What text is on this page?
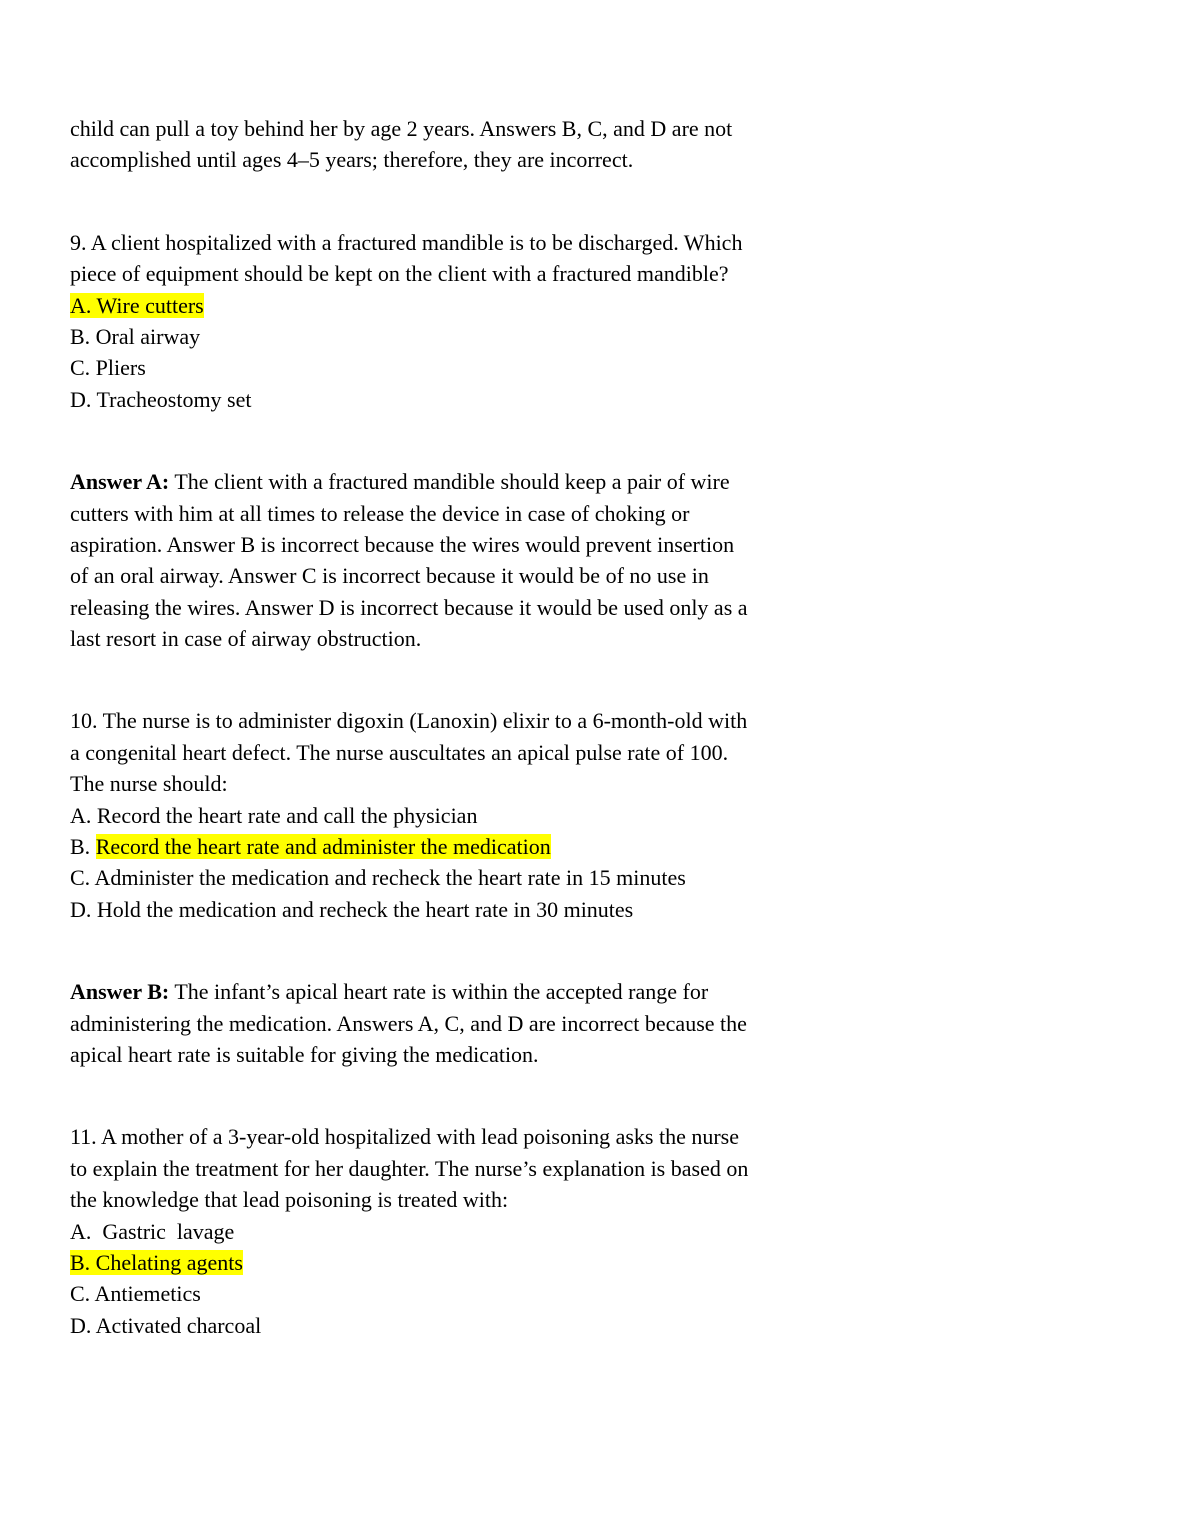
child can pull a toy behind her by age 2 years. Answers B, C, and D are not

accomplished until ages 4–5 years; therefore, they are incorrect.

9. A client hospitalized with a fractured mandible is to be discharged. Which

piece of equipment should be kept on the client with a fractured mandible?

A. Wire cutters

B. Oral airway

C. Pliers

D. Tracheostomy set

Answer A: The client with a fractured mandible should keep a pair of wire

cutters with him at all times to release the device in case of choking or

aspiration. Answer B is incorrect because the wires would prevent insertion

of an oral airway. Answer C is incorrect because it would be of no use in

releasing the wires. Answer D is incorrect because it would be used only as a

last resort in case of airway obstruction.

10. The nurse is to administer digoxin (Lanoxin) elixir to a 6-month-old with

a congenital heart defect. The nurse auscultates an apical pulse rate of 100.

The nurse should:

A. Record the heart rate and call the physician

B. Record the heart rate and administer the medication

C. Administer the medication and recheck the heart rate in 15 minutes

D. Hold the medication and recheck the heart rate in 30 minutes

Answer B: The infant’s apical heart rate is within the accepted range for

administering the medication. Answers A, C, and D are incorrect because the

apical heart rate is suitable for giving the medication.

11. A mother of a 3-year-old hospitalized with lead poisoning asks the nurse

to explain the treatment for her daughter. The nurse’s explanation is based on

the knowledge that lead poisoning is treated with:

A.  Gastric  lavage

B. Chelating agents

C. Antiemetics

D. Activated charcoal
